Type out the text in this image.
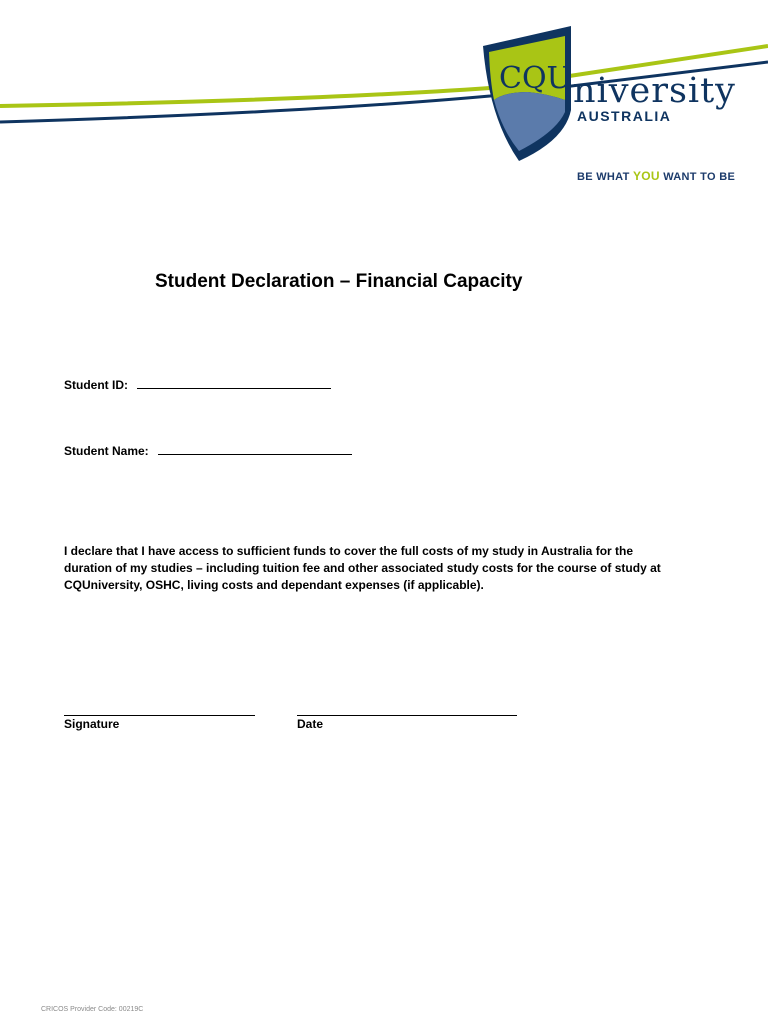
CQU niversity
AUSTRALIA
BE WHAT YOU WANT TO BE
Student Declaration – Financial Capacity
Student ID:
Student Name:
I declare that I have access to sufficient funds to cover the full costs of my study in Australia for the duration of my studies – including tuition fee and other associated study costs for the course of study at CQUniversity, OSHC, living costs and dependant expenses (if applicable).
Signature	Date
CRICOS Provider Code: 00219C
